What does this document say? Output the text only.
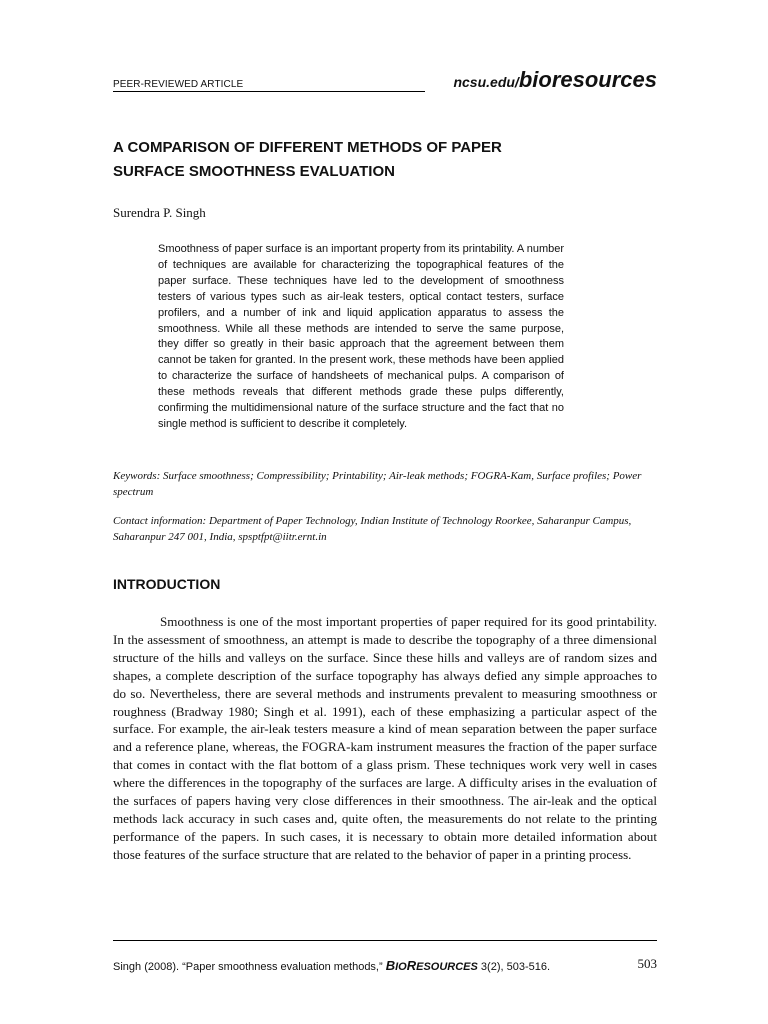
PEER-REVIEWED ARTICLE	ncsu.edu/bioresources
A COMPARISON OF DIFFERENT METHODS OF PAPER
SURFACE SMOOTHNESS EVALUATION
Surendra P. Singh

Smoothness of paper surface is an important property from its printability. A number of techniques are available for characterizing the topographical features of the paper surface. These techniques have led to the development of smoothness testers of various types such as air-leak testers, optical contact testers, surface profilers, and a number of ink and liquid application apparatus to assess the smoothness. While all these methods are intended to serve the same purpose, they differ so greatly in their basic approach that the agreement between them cannot be taken for granted. In the present work, these methods have been applied to characterize the surface of handsheets of mechanical pulps. A comparison of these methods reveals that different methods grade these pulps differently, confirming the multidimensional nature of the surface structure and the fact that no single method is sufficient to describe it completely.

Keywords: Surface smoothness; Compressibility; Printability; Air-leak methods; FOGRA-Kam, Surface profiles; Power spectrum

Contact information: Department of Paper Technology, Indian Institute of Technology Roorkee, Saharanpur Campus, Saharanpur 247 001, India, spsptfpt@iitr.ernt.in

INTRODUCTION

Smoothness is one of the most important properties of paper required for its good printability. In the assessment of smoothness, an attempt is made to describe the topography of a three dimensional structure of the hills and valleys on the surface. Since these hills and valleys are of random sizes and shapes, a complete description of the surface topography has always defied any simple approaches to do so. Nevertheless, there are several methods and instruments prevalent to measuring smoothness or roughness (Bradway 1980; Singh et al. 1991), each of these emphasizing a particular aspect of the surface. For example, the air-leak testers measure a kind of mean separation between the paper surface and a reference plane, whereas, the FOGRA-kam instrument measures the fraction of the paper surface that comes in contact with the flat bottom of a glass prism. These techniques work very well in cases where the differences in the topography of the surfaces are large. A difficulty arises in the evaluation of the surfaces of papers having very close differences in their smoothness. The air-leak and the optical methods lack accuracy in such cases and, quite often, the measurements do not relate to the printing performance of the papers. In such cases, it is necessary to obtain more detailed information about those features of the surface structure that are related to the behavior of paper in a printing process.

Singh (2008). “Paper smoothness evaluation methods,” BIORESOURCES 3(2), 503-516.	503
